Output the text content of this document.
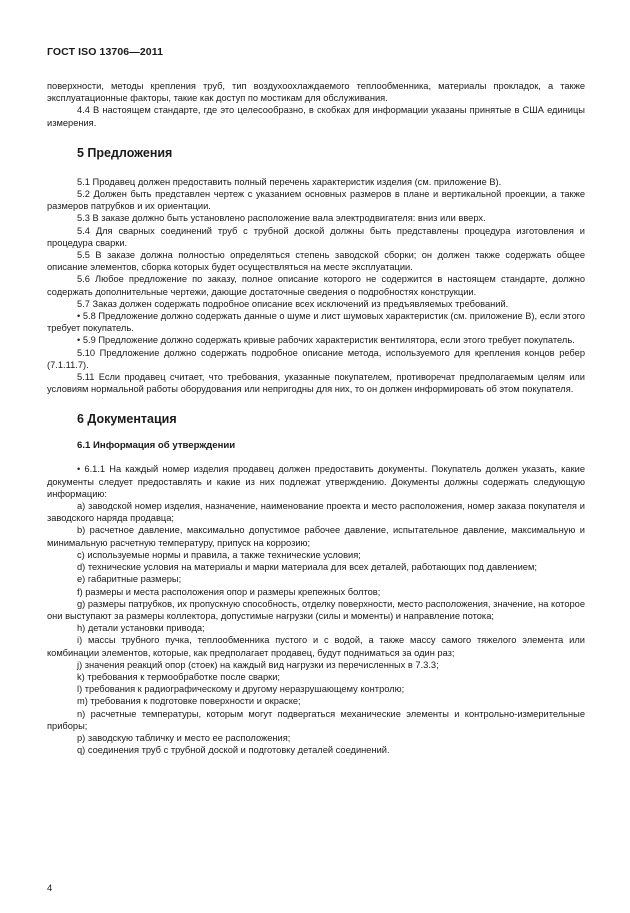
ГОСТ ISO 13706—2011

поверхности, методы крепления труб, тип воздухоохлаждаемого теплообменника, материалы прокладок, а также эксплуатационные факторы, такие как доступ по мостикам для обслуживания.

4.4 В настоящем стандарте, где это целесообразно, в скобках для информации указаны принятые в США единицы измерения.

5 Предложения

5.1 Продавец должен предоставить полный перечень характеристик изделия (см. приложение В).

5.2 Должен быть представлен чертеж с указанием основных размеров в плане и вертикальной проекции, а также размеров патрубков и их ориентации.

5.3 В заказе должно быть установлено расположение вала электродвигателя: вниз или вверх.

5.4 Для сварных соединений труб с трубной доской должны быть представлены процедура изготовления и процедура сварки.

5.5 В заказе должна полностью определяться степень заводской сборки; он должен также содержать общее описание элементов, сборка которых будет осуществляться на месте эксплуатации.

5.6 Любое предложение по заказу, полное описание которого не содержится в настоящем стандарте, должно содержать дополнительные чертежи, дающие достаточные сведения о подробностях конструкции.

5.7 Заказ должен содержать подробное описание всех исключений из предъявляемых требований.

• 5.8 Предложение должно содержать данные о шуме и лист шумовых характеристик (см. приложение В), если этого требует покупатель.

• 5.9 Предложение должно содержать кривые рабочих характеристик вентилятора, если этого требует покупатель.

5.10 Предложение должно содержать подробное описание метода, используемого для крепления концов ребер (7.1.11.7).

5.11 Если продавец считает, что требования, указанные покупателем, противоречат предполагаемым целям или условиям нормальной работы оборудования или непригодны для них, то он должен информировать об этом покупателя.

6 Документация
6.1 Информация об утверждении

• 6.1.1 На каждый номер изделия продавец должен предоставить документы. Покупатель должен указать, какие документы следует предоставлять и какие из них подлежат утверждению. Документы должны содержать следующую информацию:

a) заводской номер изделия, назначение, наименование проекта и место расположения, номер заказа покупателя и заводского наряда продавца;

b) расчетное давление, максимально допустимое рабочее давление, испытательное давление, максимальную и минимальную расчетную температуру, припуск на коррозию;

c) используемые нормы и правила, а также технические условия;

d) технические условия на материалы и марки материала для всех деталей, работающих под давлением;

e) габаритные размеры;

f) размеры и места расположения опор и размеры крепежных болтов;

g) размеры патрубков, их пропускную способность, отделку поверхности, место расположения, значение, на которое они выступают за размеры коллектора, допустимые нагрузки (силы и моменты) и направление потока;

h) детали установки привода;

i) массы трубного пучка, теплообменника пустого и с водой, а также массу самого тяжелого элемента или комбинации элементов, которые, как предполагает продавец, будут подниматься за один раз;

j) значения реакций опор (стоек) на каждый вид нагрузки из перечисленных в 7.3.3;

k) требования к термообработке после сварки;

l) требования к радиографическому и другому неразрушающему контролю;

m) требования к подготовке поверхности и окраске;

n) расчетные температуры, которым могут подвергаться механические элементы и контрольно-измерительные приборы;

p) заводскую табличку и место ее расположения;

q) соединения труб с трубной доской и подготовку деталей соединений.

4
